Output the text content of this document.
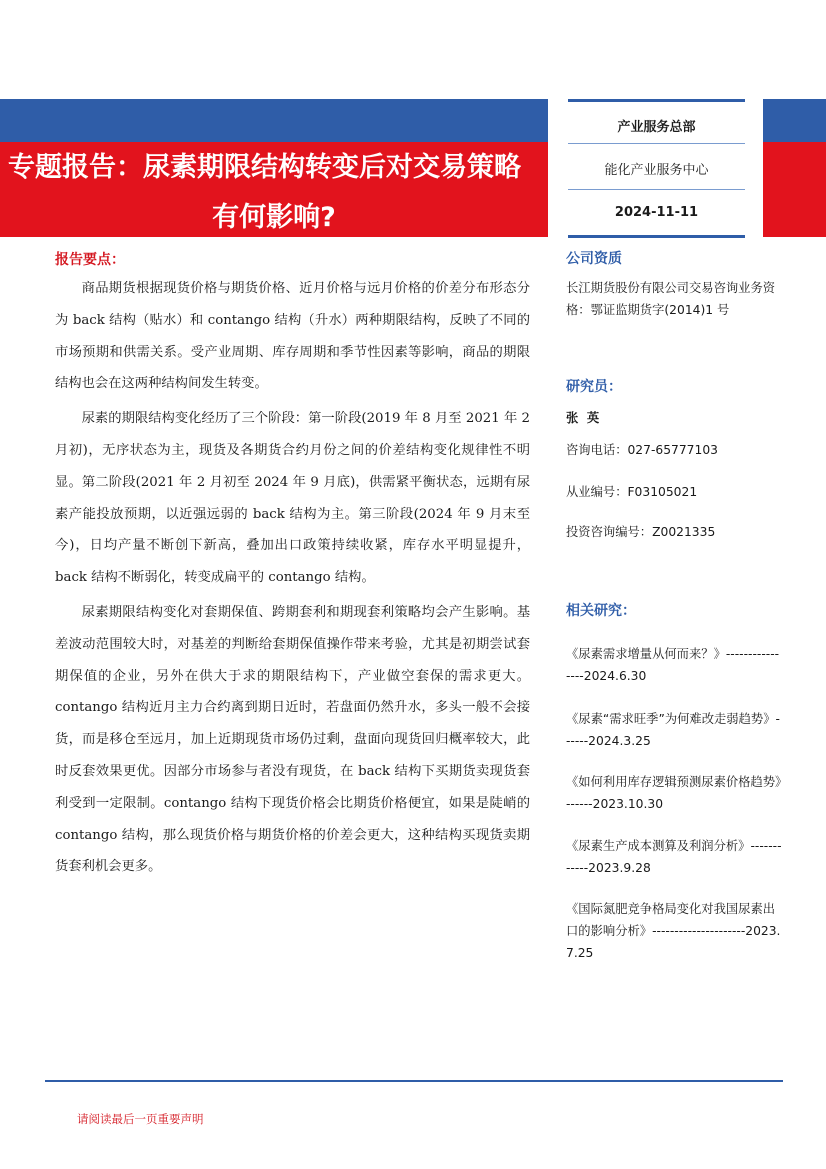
专题报告：尿素期限结构转变后对交易策略
有何影响?
产业服务总部
能化产业服务中心
2024-11-11
报告要点：

商品期货根据现货价格与期货价格、近月价格与远月价格的价差分布形态分为 back 结构（贴水）和 contango 结构（升水）两种期限结构，反映了不同的市场预期和供需关系。受产业周期、库存周期和季节性因素等影响，商品的期限结构也会在这两种结构间发生转变。

尿素的期限结构变化经历了三个阶段：第一阶段(2019 年 8 月至 2021 年 2 月初)，无序状态为主，现货及各期货合约月份之间的价差结构变化规律性不明显。第二阶段(2021 年 2 月初至 2024 年 9 月底)，供需紧平衡状态，远期有尿素产能投放预期，以近强远弱的 back 结构为主。第三阶段(2024 年 9 月末至今)，日均产量不断创下新高，叠加出口政策持续收紧，库存水平明显提升，back 结构不断弱化，转变成扁平的 contango 结构。

尿素期限结构变化对套期保值、跨期套利和期现套利策略均会产生影响。基差波动范围较大时，对基差的判断给套期保值操作带来考验，尤其是初期尝试套期保值的企业，另外在供大于求的期限结构下，产业做空套保的需求更大。contango 结构近月主力合约离到期日近时，若盘面仍然升水，多头一般不会接货，而是移仓至远月，加上近期现货市场仍过剩，盘面向现货回归概率较大，此时反套效果更优。因部分市场参与者没有现货，在 back 结构下买期货卖现货套利受到一定限制。contango 结构下现货价格会比期货价格便宜，如果是陡峭的 contango 结构，那么现货价格与期货价格的价差会更大，这种结构买现货卖期货套利机会更多。

公司资质
长江期货股份有限公司交易咨询业务资格：鄂证监期货字(2014)1 号
研究员：
张  英
咨询电话：027-65777103
从业编号：F03105021
投资咨询编号：Z0021335
相关研究：
《尿素需求增量从何而来？》----------------2024.6.30
《尿素“需求旺季”为何难改走弱趋势》------2024.3.25
《如何利用库存逻辑预测尿素价格趋势》------2023.10.30
《尿素生产成本测算及利润分析》------------2023.9.28
《国际氮肥竞争格局变化对我国尿素出口的影响分析》---------------------2023.7.25
请阅读最后一页重要声明
